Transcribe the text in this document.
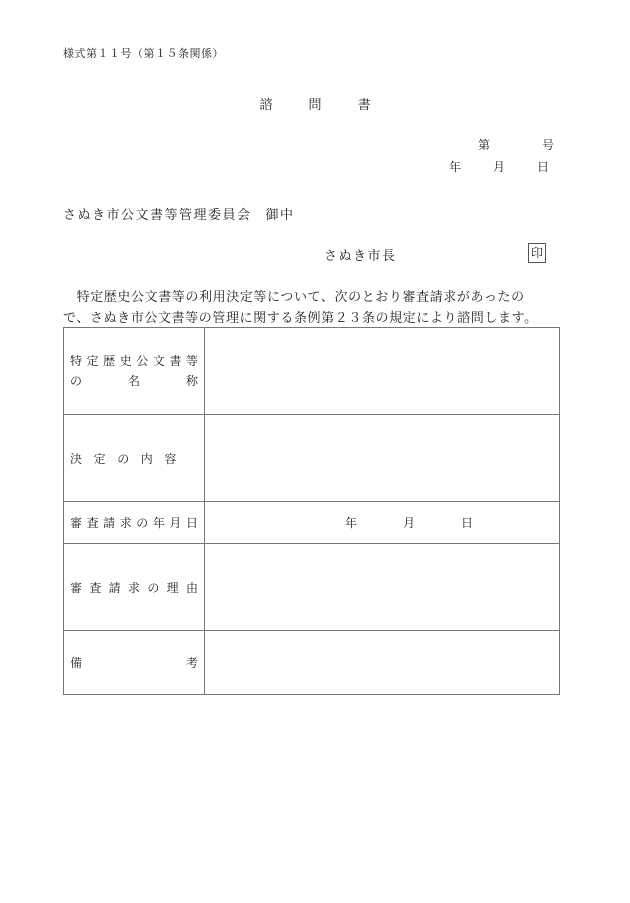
様式第１１号（第１５条関係）
諮	問	書
第	号
年	月	日
さぬき市公文書等管理委員会 御中
さぬき市長	印

　特定歴史公文書等の利用決定等について、次のとおり審査請求があったの

で、さぬき市公文書等の管理に関する条例第２３条の規定により諮問します。

特 定 歴 史 公 文 書 等
の	名	称

決 定 の 内 容	

審 査 請 求 の 年 月 日	年	月	日

審 査 請 求 の 理 由

備 考	
